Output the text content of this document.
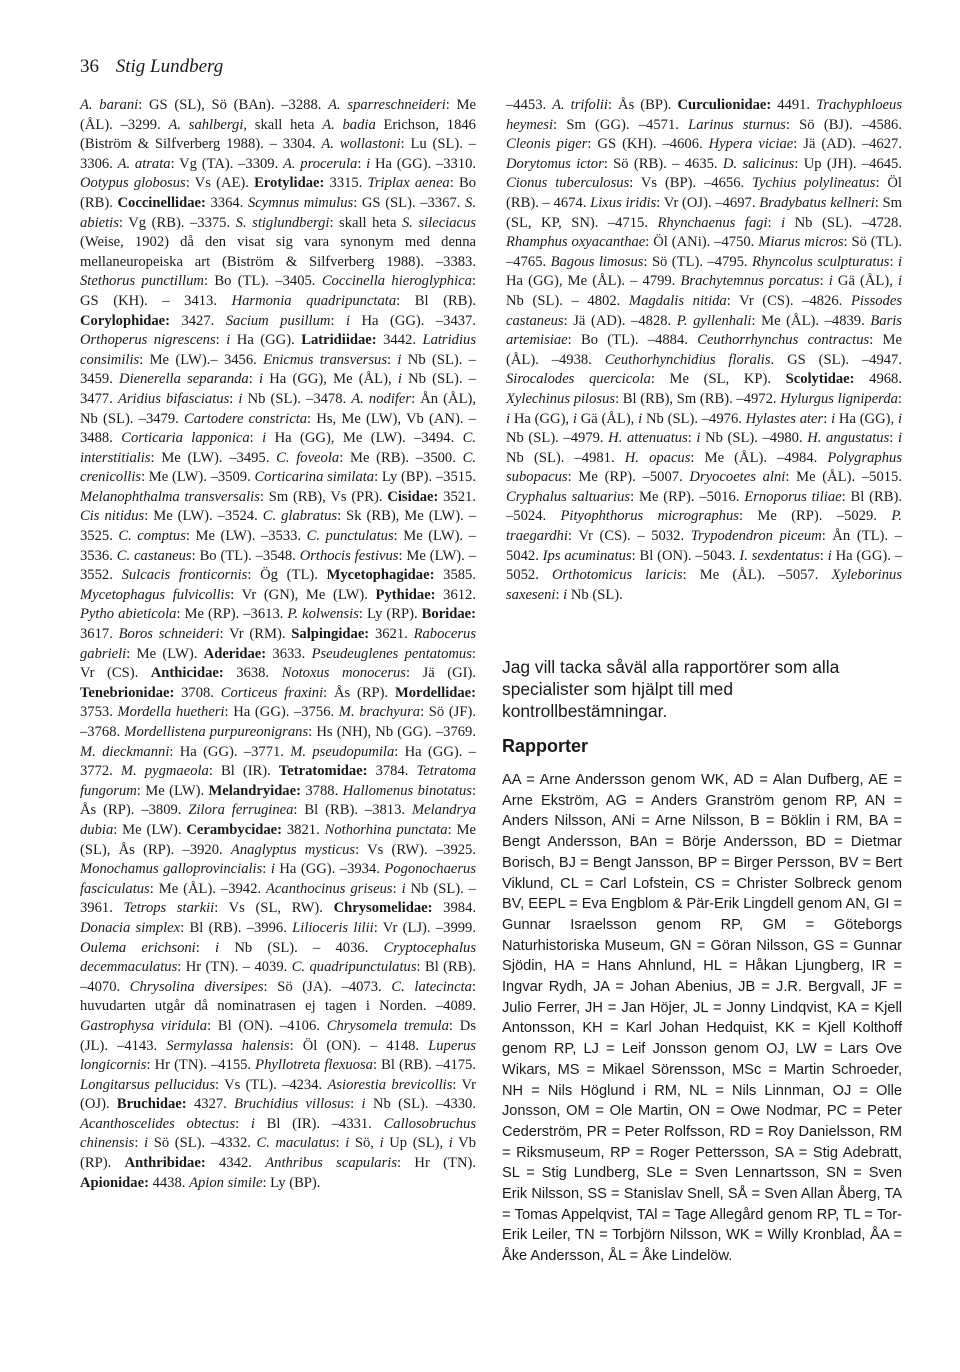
36 Stig Lundberg

A. barani: GS (SL), Sö (BAn). –3288. A. sparreschneideri: Me (ÅL). –3299. A. sahlbergi, skall heta A. badia Erichson, 1846 (Biström & Silfverberg 1988). – 3304. A. wollastoni: Lu (SL). –3306. A. atrata: Vg (TA). –3309. A. procerula: i Ha (GG). –3310. Ootypus globosus: Vs (AE). Erotylidae: 3315. Triplax aenea: Bo (RB). Coccinellidae: 3364. Scymnus mimulus: GS (SL). –3367. S. abietis: Vg (RB). –3375. S. stiglundbergi: skall heta S. sileciacus (Weise, 1902) då den visat sig vara synonym med denna mellaneuropeiska art (Biström & Silfverberg 1988). –3383. Stethorus punctillum: Bo (TL). –3405. Coccinella hieroglyphica: GS (KH). – 3413. Harmonia quadripunctata: Bl (RB). Corylophidae: 3427. Sacium pusillum: i Ha (GG). –3437. Orthoperus nigrescens: i Ha (GG). Latridiidae: 3442. Latridius consimilis: Me (LW).– 3456. Enicmus transversus: i Nb (SL). –3459. Dienerella separanda: i Ha (GG), Me (ÅL), i Nb (SL). –3477. Aridius bifasciatus: i Nb (SL). –3478. A. nodifer: Ån (ÅL), Nb (SL). –3479. Cartodere constricta: Hs, Me (LW), Vb (AN). –3488. Corticaria lapponica: i Ha (GG), Me (LW). –3494. C. interstitialis: Me (LW). –3495. C. foveola: Me (RB). –3500. C. crenicollis: Me (LW). –3509. Corticarina similata: Ly (BP). –3515. Melanophthalma transversalis: Sm (RB), Vs (PR). Cisidae: 3521. Cis nitidus: Me (LW). –3524. C. glabratus: Sk (RB), Me (LW). –3525. C. comptus: Me (LW). –3533. C. punctulatus: Me (LW). –3536. C. castaneus: Bo (TL). –3548. Orthocis festivus: Me (LW). – 3552. Sulcacis fronticornis: Ög (TL). Mycetophagidae: 3585. Mycetophagus fulvicollis: Vr (GN), Me (LW). Pythidae: 3612. Pytho abieticola: Me (RP). –3613. P. kolwensis: Ly (RP). Boridae: 3617. Boros schneideri: Vr (RM). Salpingidae: 3621. Rabocerus gabrieli: Me (LW). Aderidae: 3633. Pseudeuglenes pentatomus: Vr (CS). Anthicidae: 3638. Notoxus monocerus: Jä (GI). Tenebrionidae: 3708. Corticeus fraxini: Ås (RP). Mordellidae: 3753. Mordella huetheri: Ha (GG). –3756. M. brachyura: Sö (JF). –3768. Mordellistena purpureonigrans: Hs (NH), Nb (GG). –3769. M. dieckmanni: Ha (GG). –3771. M. pseudopumila: Ha (GG). –3772. M. pygmaeola: Bl (IR). Tetratomidae: 3784. Tetratoma fungorum: Me (LW). Melandryidae: 3788. Hallomenus binotatus: Ås (RP). –3809. Zilora ferruginea: Bl (RB). –3813. Melandrya dubia: Me (LW). Cerambycidae: 3821. Nothorhina punctata: Me (SL), Ås (RP). –3920. Anaglyptus mysticus: Vs (RW). –3925. Monochamus galloprovincialis: i Ha (GG). –3934. Pogonochaerus fasciculatus: Me (ÅL). –3942. Acanthocinus griseus: i Nb (SL). –3961. Tetrops starkii: Vs (SL, RW). Chrysomelidae: 3984. Donacia simplex: Bl (RB). –3996. Lilioceris lilii: Vr (LJ). –3999. Oulema erichsoni: i Nb (SL). – 4036. Cryptocephalus decemmaculatus: Hr (TN). – 4039. C. quadripunctulatus: Bl (RB). –4070. Chrysolina diversipes: Sö (JA). –4073. C. latecincta: huvudarten utgår då nominatrasen ej tagen i Norden. –4089. Gastrophysa viridula: Bl (ON). –4106. Chrysomela tremula: Ds (JL). –4143. Sermylassa halensis: Öl (ON). – 4148. Luperus longicornis: Hr (TN). –4155. Phyllotreta flexuosa: Bl (RB). –4175. Longitarsus pellucidus: Vs (TL). –4234. Asiorestia brevicollis: Vr (OJ). Bruchidae: 4327. Bruchidius villosus: i Nb (SL). –4330. Acanthoscelides obtectus: i Bl (IR). –4331. Callosobruchus chinensis: i Sö (SL). –4332. C. maculatus: i Sö, i Up (SL), i Vb (RP). Anthribidae: 4342. Anthribus scapularis: Hr (TN). Apionidae: 4438. Apion simile: Ly (BP).

–4453. A. trifolii: Ås (BP). Curculionidae: 4491. Trachyphloeus heymesi: Sm (GG). –4571. Larinus sturnus: Sö (BJ). –4586. Cleonis piger: GS (KH). –4606. Hypera viciae: Jä (AD). –4627. Dorytomus ictor: Sö (RB). – 4635. D. salicinus: Up (JH). –4645. Cionus tuberculosus: Vs (BP). –4656. Tychius polylineatus: Öl (RB). – 4674. Lixus iridis: Vr (OJ). –4697. Bradybatus kellneri: Sm (SL, KP, SN). –4715. Rhynchaenus fagi: i Nb (SL). –4728. Rhamphus oxyacanthae: Öl (ANi). –4750. Miarus micros: Sö (TL). –4765. Bagous limosus: Sö (TL). –4795. Rhyncolus sculpturatus: i Ha (GG), Me (ÅL). – 4799. Brachytemnus porcatus: i Gä (ÅL), i Nb (SL). – 4802. Magdalis nitida: Vr (CS). –4826. Pissodes castaneus: Jä (AD). –4828. P. gyllenhali: Me (ÅL). –4839. Baris artemisiae: Bo (TL). –4884. Ceuthorrhynchus contractus: Me (ÅL). –4938. Ceuthorhynchidius floralis. GS (SL). –4947. Sirocalodes quercicola: Me (SL, KP). Scolytidae: 4968. Xylechinus pilosus: Bl (RB), Sm (RB). –4972. Hylurgus ligniperda: i Ha (GG), i Gä (ÅL), i Nb (SL). –4976. Hylastes ater: i Ha (GG), i Nb (SL). –4979. H. attenuatus: i Nb (SL). –4980. H. angustatus: i Nb (SL). –4981. H. opacus: Me (ÅL). –4984. Polygraphus subopacus: Me (RP). –5007. Dryocoetes alni: Me (ÅL). –5015. Cryphalus saltuarius: Me (RP). –5016. Ernoporus tiliae: Bl (RB). –5024. Pityophthorus micrographus: Me (RP). –5029. P. traegardhi: Vr (CS). – 5032. Trypodendron piceum: Ån (TL). –5042. Ips acuminatus: Bl (ON). –5043. I. sexdentatus: i Ha (GG). – 5052. Orthotomicus laricis: Me (ÅL). –5057. Xyleborinus saxeseni: i Nb (SL).

Jag vill tacka såväl alla rapportörer som alla specialister som hjälpt till med kontrollbestämningar.
Rapporter
AA = Arne Andersson genom WK, AD = Alan Dufberg, AE = Arne Ekström, AG = Anders Granström genom RP, AN = Anders Nilsson, ANi = Arne Nilsson, B = Böklin i RM, BA = Bengt Andersson, BAn = Börje Andersson, BD = Dietmar Borisch, BJ = Bengt Jansson, BP = Birger Persson, BV = Bert Viklund, CL = Carl Lofstein, CS = Christer Solbreck genom BV, EEPL = Eva Engblom & Pär-Erik Lingdell genom AN, GI = Gunnar Israelsson genom RP, GM = Göteborgs Naturhistoriska Museum, GN = Göran Nilsson, GS = Gunnar Sjödin, HA = Hans Ahnlund, HL = Håkan Ljungberg, IR = Ingvar Rydh, JA = Johan Abenius, JB = J.R. Bergvall, JF = Julio Ferrer, JH = Jan Höjer, JL = Jonny Lindqvist, KA = Kjell Antonsson, KH = Karl Johan Hedquist, KK = Kjell Kolthoff genom RP, LJ = Leif Jonsson genom OJ, LW = Lars Ove Wikars, MS = Mikael Sörensson, MSc = Martin Schroeder, NH = Nils Höglund i RM, NL = Nils Linnman, OJ = Olle Jonsson, OM = Ole Martin, ON = Owe Nodmar, PC = Peter Cederström, PR = Peter Rolfsson, RD = Roy Danielsson, RM = Riksmuseum, RP = Roger Pettersson, SA = Stig Adebratt, SL = Stig Lundberg, SLe = Sven Lennartsson, SN = Sven Erik Nilsson, SS = Stanislav Snell, SÅ = Sven Allan Åberg, TA = Tomas Appelqvist, TAl = Tage Allegård genom RP, TL = Tor-Erik Leiler, TN = Torbjörn Nilsson, WK = Willy Kronblad, ÅA = Åke Andersson, ÅL = Åke Lindelöw.
